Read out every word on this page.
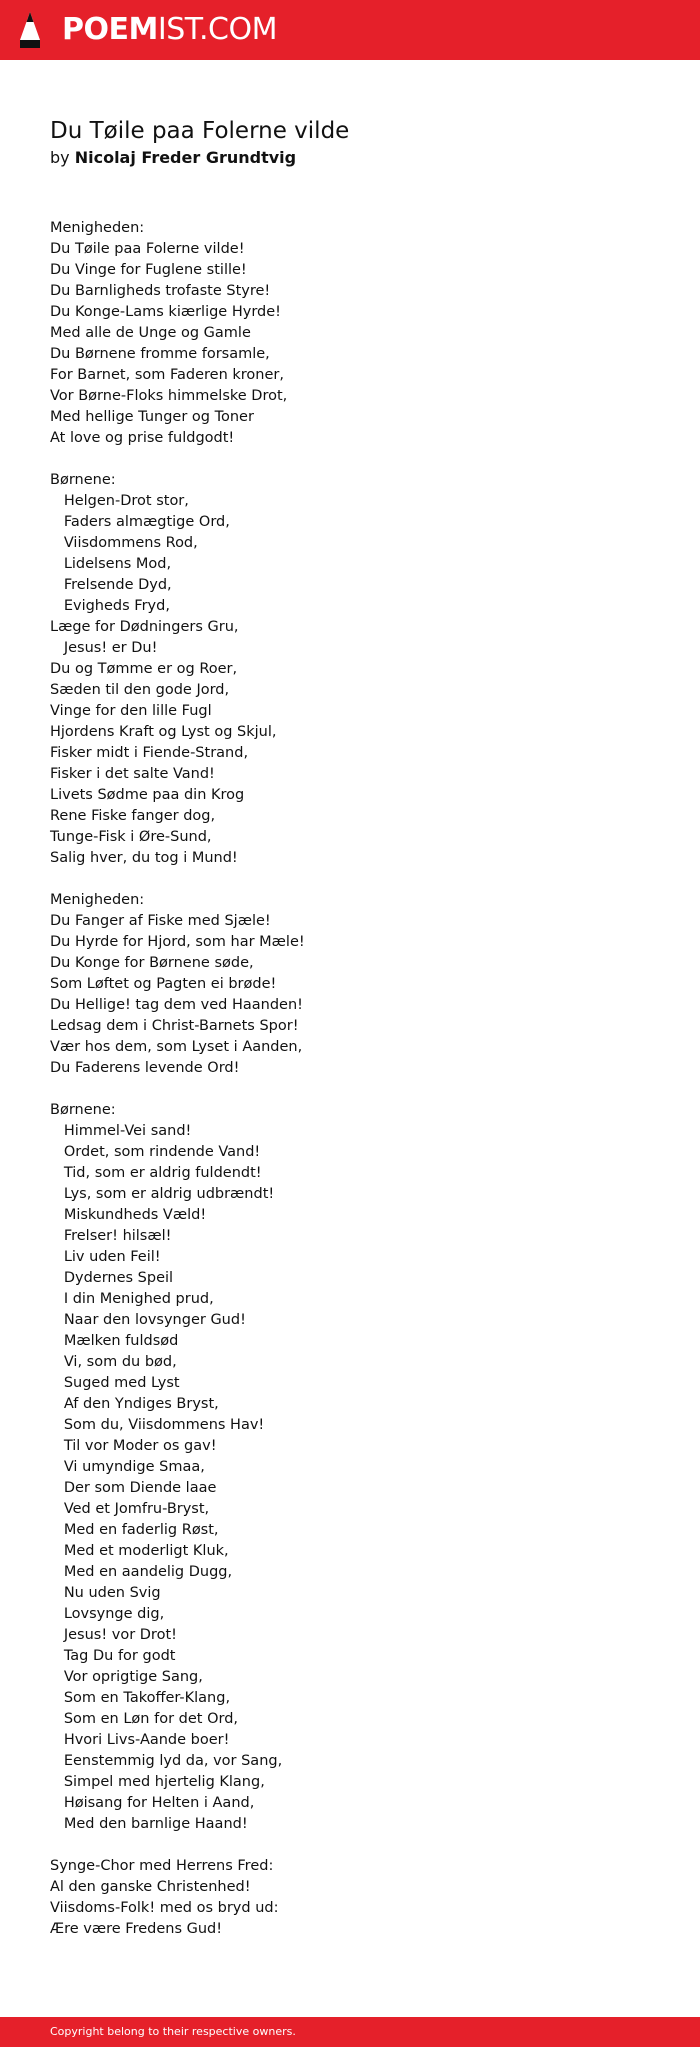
POEMIST.COM
Du Tøile paa Folerne vilde
by Nicolaj Freder Grundtvig
Menigheden:
Du Tøile paa Folerne vilde!
Du Vinge for Fuglene stille!
Du Barnligheds trofaste Styre!
Du Konge-Lams kiærlige Hyrde!
Med alle de Unge og Gamle
Du Børnene fromme forsamle,
For Barnet, som Faderen kroner,
Vor Børne-Floks himmelske Drot,
Med hellige Tunger og Toner
At love og prise fuldgodt!
Børnene:
Helgen-Drot stor,
Faders almægtige Ord,
Viisdommens Rod,
Lidelsens Mod,
Frelsende Dyd,
Evigheds Fryd,
Læge for Dødningers Gru,
Jesus! er Du!
Du og Tømme er og Roer,
Sæden til den gode Jord,
Vinge for den lille Fugl
Hjordens Kraft og Lyst og Skjul,
Fisker midt i Fiende-Strand,
Fisker i det salte Vand!
Livets Sødme paa din Krog
Rene Fiske fanger dog,
Tunge-Fisk i Øre-Sund,
Salig hver, du tog i Mund!
Menigheden:
Du Fanger af Fiske med Sjæle!
Du Hyrde for Hjord, som har Mæle!
Du Konge for Børnene søde,
Som Løftet og Pagten ei brøde!
Du Hellige! tag dem ved Haanden!
Ledsag dem i Christ-Barnets Spor!
Vær hos dem, som Lyset i Aanden,
Du Faderens levende Ord!
Børnene:
Himmel-Vei sand!
Ordet, som rindende Vand!
Tid, som er aldrig fuldendt!
Lys, som er aldrig udbrændt!
Miskundheds Væld!
Frelser! hilsæl!
Liv uden Feil!
Dydernes Speil
I din Menighed prud,
Naar den lovsynger Gud!
Mælken fuldsød
Vi, som du bød,
Suged med Lyst
Af den Yndiges Bryst,
Som du, Viisdommens Hav!
Til vor Moder os gav!
Vi umyndige Smaa,
Der som Diende laae
Ved et Jomfru-Bryst,
Med en faderlig Røst,
Med et moderligt Kluk,
Med en aandelig Dugg,
Nu uden Svig
Lovsynge dig,
Jesus! vor Drot!
Tag Du for godt
Vor oprigtige Sang,
Som en Takoffer-Klang,
Som en Løn for det Ord,
Hvori Livs-Aande boer!
Eenstemmig lyd da, vor Sang,
Simpel med hjertelig Klang,
Høisang for Helten i Aand,
Med den barnlige Haand!
Synge-Chor med Herrens Fred:
Al den ganske Christenhed!
Viisdoms-Folk! med os bryd ud:
Ære være Fredens Gud!
Copyright belong to their respective owners.
